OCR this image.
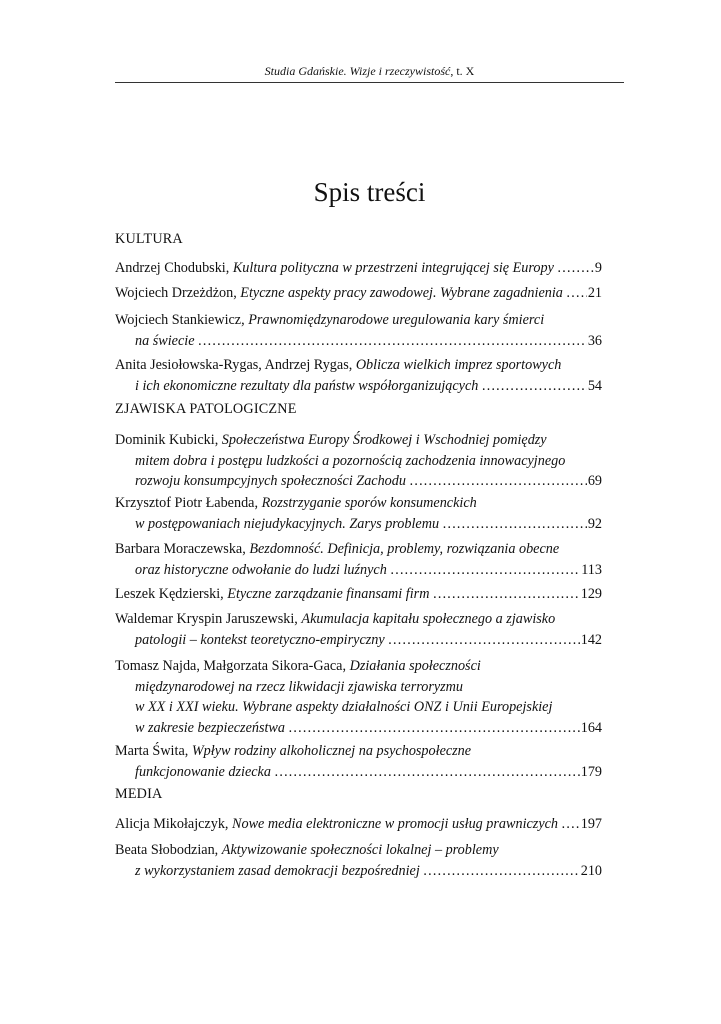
Studia Gdańskie. Wizje i rzeczywistość, t. X
Spis treści
KULTURA
Andrzej Chodubski, Kultura polityczna w przestrzeni integrującej się Europy …………………………………………………………………………………………………………………………………………………………………………………………	9
Wojciech Drzeżdżon, Etyczne aspekty pracy zawodowej. Wybrane zagadnienia ………………………………………………………………………………………………………………………………………………………………………………………… 21
Wojciech Stankiewicz, Prawnomiędzynarodowe uregulowania kary śmierci
na świecie …………………………………………………………………………………………………………………………………………………………………………………………	36
Anita Jesiołowska-Rygas, Andrzej Rygas, Oblicza wielkich imprez sportowych
i ich ekonomiczne rezultaty dla państw współorganizujących …………………………………………………………………………………………………………………………………………………………………………………………	54
ZJAWISKA PATOLOGICZNE
Dominik Kubicki, Społeczeństwa Europy Środkowej i Wschodniej pomiędzy
mitem dobra i postępu ludzkości a pozornością zachodzenia innowacyjnego
rozwoju konsumpcyjnych społeczności Zachodu …………………………………………………………………………………………………………………………………………………………………………………………	69
Krzysztof Piotr Łabenda, Rozstrzyganie sporów konsumenckich
w postępowaniach niejudykacyjnych. Zarys problemu …………………………………………………………………………………………………………………………………………………………………………………………	92
Barbara Moraczewska, Bezdomność. Definicja, problemy, rozwiązania obecne
oraz historyczne odwołanie do ludzi luźnych …………………………………………………………………………………………………………………………………………………………………………………………	113
Leszek Kędzierski, Etyczne zarządzanie finansami firm …………………………………………………………………………………………………………………………………………………………………………………………	129
Waldemar Kryspin Jaruszewski, Akumulacja kapitału społecznego a zjawisko
patologii – kontekst teoretyczno-empiryczny …………………………………………………………………………………………………………………………………………………………………………………………	142
Tomasz Najda, Małgorzata Sikora-Gaca, Działania społeczności
międzynarodowej na rzecz likwidacji zjawiska terroryzmu
w XX i XXI wieku. Wybrane aspekty działalności ONZ i Unii Europejskiej
w zakresie bezpieczeństwa …………………………………………………………………………………………………………………………………………………………………………………………	164
Marta Świta, Wpływ rodziny alkoholicznej na psychospołeczne
funkcjonowanie dziecka …………………………………………………………………………………………………………………………………………………………………………………………	179
MEDIA
Alicja Mikołajczyk, Nowe media elektroniczne w promocji usług prawniczych ………………………………………………………………………………………………………………………………………………………………………………………… 197
Beata Słobodzian, Aktywizowanie społeczności lokalnej – problemy
z wykorzystaniem zasad demokracji bezpośredniej …………………………………………………………………………………………………………………………………………………………………………………………	210
